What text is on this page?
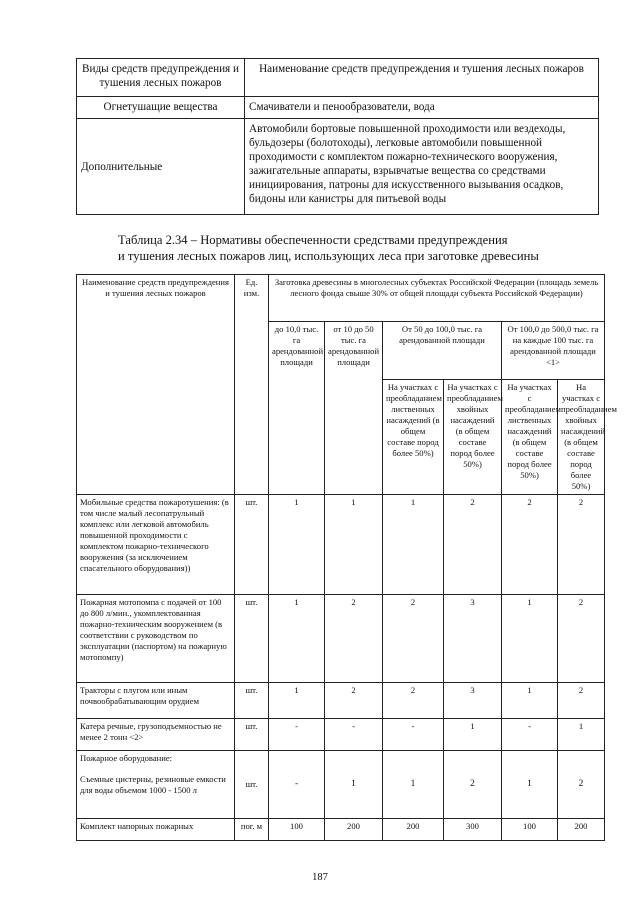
Виды средств предупреждения и тушения лесных пожаров	Наименование средств предупреждения и тушения лесных пожаров
Огнетушащие вещества	Смачиватели и пенообразователи, вода
Дополнительные	Автомобили бортовые повышенной проходимости или вездеходы, бульдозеры (болотоходы), легковые автомобили повышенной проходимости с комплектом пожарно-технического вооружения, зажигательные аппараты, взрывчатые вещества со средствами инициирования, патроны для искусственного вызывания осадков, бидоны или канистры для питьевой воды
Таблица 2.34 – Нормативы обеспеченности средствами предупреждения
и тушения лесных пожаров лиц, использующих леса при заготовке древесины
Наименование средств предупреждения и тушения лесных пожаров	Ед. изм.	Заготовка древесины в многолесных субъектах Российской Федерации (площадь земель лесного фонда свыше 30% от общей площади субъекта Российской Федерации)					
		до 10,0 тыс. га арендованной площади	от 10 до 50 тыс. га арендованной площади	От 50 до 100,0 тыс. га арендованной площади		От 100,0 до 500,0 тыс. га на каждые 100 тыс. га арендованной площади <1>	
				На участках с преобладанием лиственных насаждений (в общем составе пород более 50%)	На участках с преобладанием хвойных насаждений (в общем составе пород более 50%)	На участках с преобладанием лиственных насаждений (в общем составе пород более 50%)	На участках с преобладанием хвойных насаждений (в общем составе пород более 50%)
Мобильные средства пожаротушения: (в том числе малый лесопатрульный комплекс или легковой автомобиль повышенной проходимости с комплектом пожарно-технического вооружения (за исключением спасательного оборудования))	шт.	1	1	1	2	2	2
Пожарная мотопомпа с подачей от 100 до 800 л/мин., укомплектованная пожарно-техническим вооружением (в соответствии с руководством по эксплуатации (паспортом) на пожарную мотопомпу)	шт.	1	2	2	3	1	2
Тракторы с плугом или иным почвообрабатывающим орудием	шт.	1	2	2	3	1	2
Катера речные, грузоподъемностью не менее 2 тонн <2>	шт.	-	-	-	1	-	1

Пожарное оборудование:
Съемные цистерны, резиновые емкости для воды объемом 1000 - 1500 л	шт.	-	1	1	2	1	2
Комплект напорных пожарных	пог. м	100	200	200	300	100	200
187
